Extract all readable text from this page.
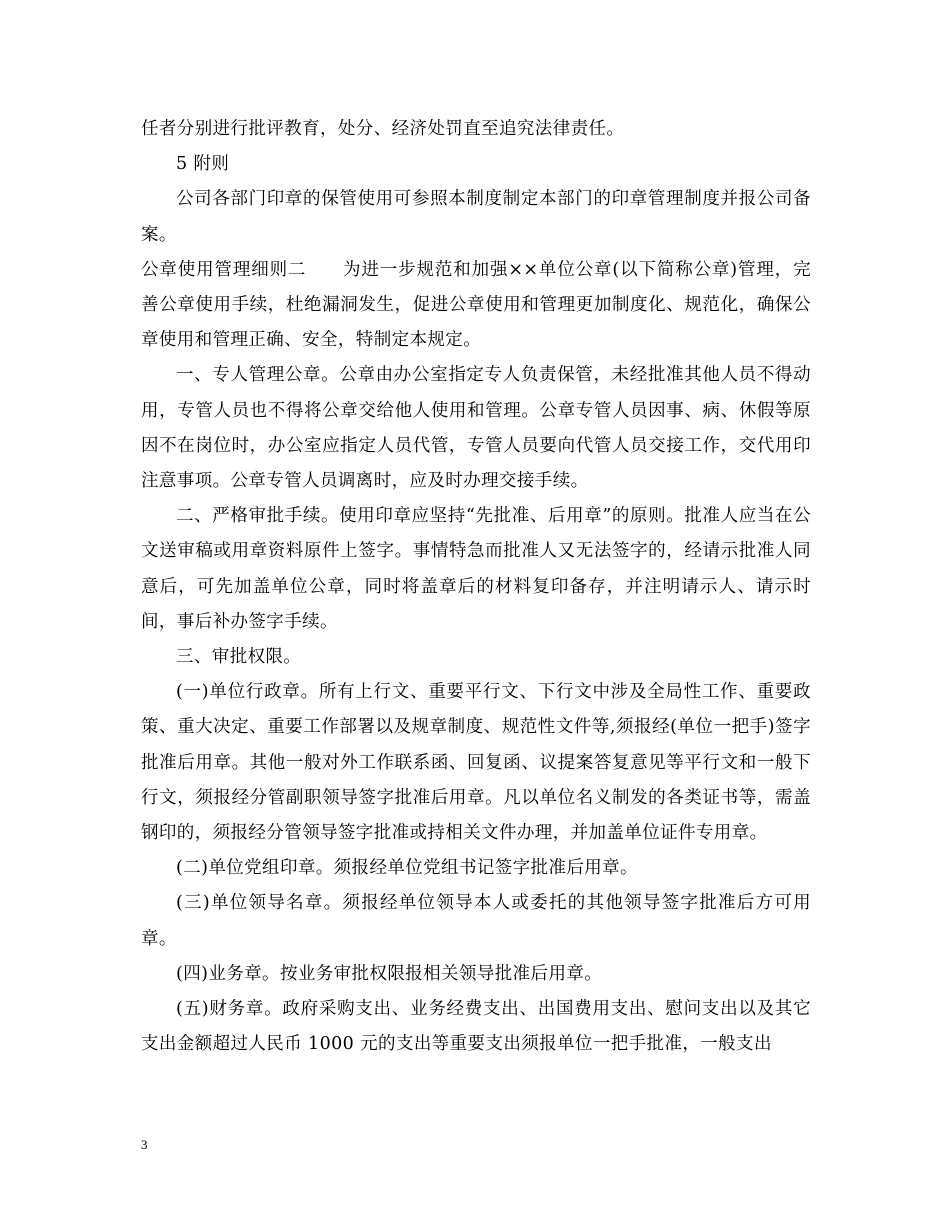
任者分别进行批评教育，处分、经济处罚直至追究法律责任。

5 附则

公司各部门印章的保管使用可参照本制度制定本部门的印章管理制度并报公司备案。

公章使用管理细则二　　为进一步规范和加强××单位公章(以下简称公章)管理，完善公章使用手续，杜绝漏洞发生，促进公章使用和管理更加制度化、规范化，确保公章使用和管理正确、安全，特制定本规定。

一、专人管理公章。公章由办公室指定专人负责保管，未经批准其他人员不得动用，专管人员也不得将公章交给他人使用和管理。公章专管人员因事、病、休假等原因不在岗位时，办公室应指定人员代管，专管人员要向代管人员交接工作，交代用印注意事项。公章专管人员调离时，应及时办理交接手续。

二、严格审批手续。使用印章应坚持“先批准、后用章”的原则。批准人应当在公文送审稿或用章资料原件上签字。事情特急而批准人又无法签字的，经请示批准人同意后，可先加盖单位公章，同时将盖章后的材料复印备存，并注明请示人、请示时间，事后补办签字手续。

三、审批权限。

(一)单位行政章。所有上行文、重要平行文、下行文中涉及全局性工作、重要政策、重大决定、重要工作部署以及规章制度、规范性文件等,须报经(单位一把手)签字批准后用章。其他一般对外工作联系函、回复函、议提案答复意见等平行文和一般下行文，须报经分管副职领导签字批准后用章。凡以单位名义制发的各类证书等，需盖钢印的，须报经分管领导签字批准或持相关文件办理，并加盖单位证件专用章。

(二)单位党组印章。须报经单位党组书记签字批准后用章。

(三)单位领导名章。须报经单位领导本人或委托的其他领导签字批准后方可用章。

(四)业务章。按业务审批权限报相关领导批准后用章。

(五)财务章。政府采购支出、业务经费支出、出国费用支出、慰问支出以及其它支出金额超过人民币 1000 元的支出等重要支出须报单位一把手批准，一般支出

3
